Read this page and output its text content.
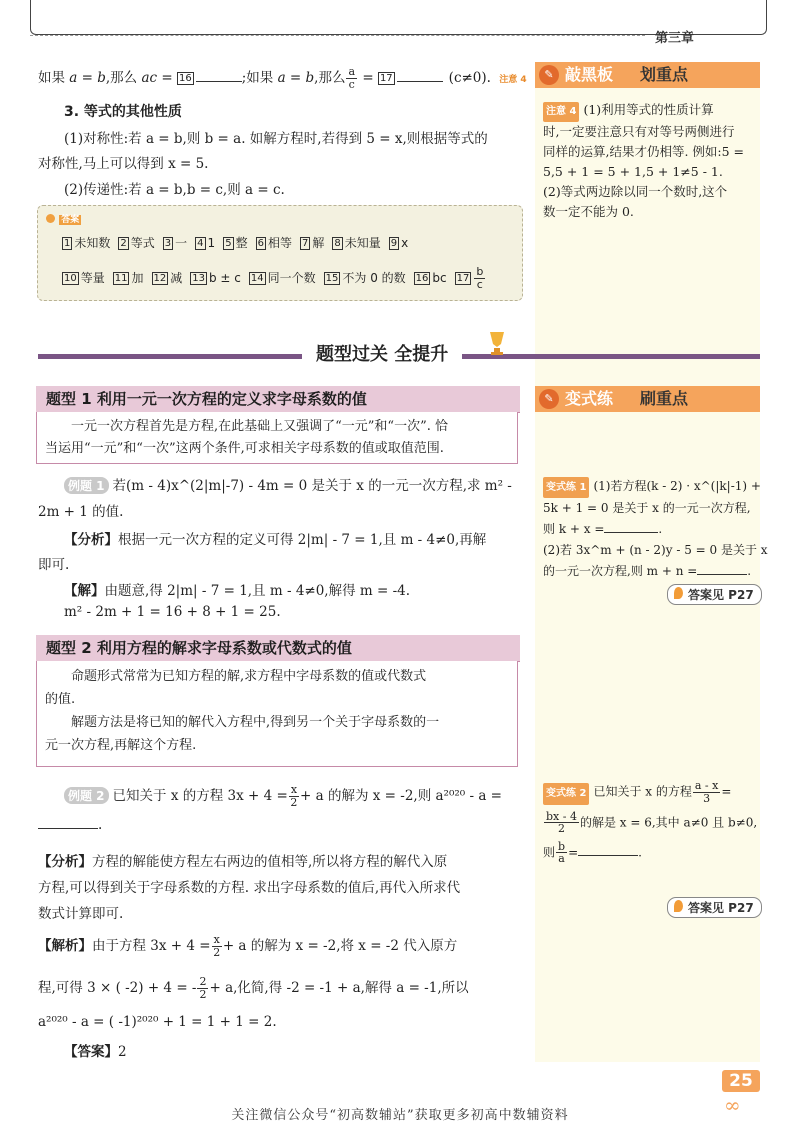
第三章
如果 a = b,那么 ac = 16	;如果 a = b,那么 $\frac{a}{c} = 17$	(c≠0). 注意 4
3. 等式的其他性质
(1)对称性:若 a = b,则 b = a. 如解方程时,若得到 5 = x,则根据等式的
对称性,马上可以得到 x = 5.
(2)传递性:若 a = b,b = c,则 a = c.
答案
1 未知数 2 等式 3 一 4 1 5 整 6 相等 7 解 8 未知量 9 x
10 等量 11 加 12 减 13 b ± c 14 同一个数 15 不为 0 的数 16 bc $17 \frac{b}{c}$
✎ 敲黑板 划重点
注意 4 (1)利用等式的性质计算
时,一定要注意只有对等号两侧进行
同样的运算,结果才仍相等. 例如:5 =
5,5 + 1 = 5 + 1,5 + 1≠5 - 1.
(2)等式两边除以同一个数时,这个
数一定不能为 0.
题型过关 全提升
题型 1 利用一元一次方程的定义求字母系数的值
一元一次方程首先是方程,在此基础上又强调了“一元”和“一次”. 恰
当运用“一元”和“一次”这两个条件,可求相关字母系数的值或取值范围.
例题 1 若(m - 4)x^(2|m|-7) - 4m = 0 是关于 x 的一元一次方程,求 m² -
2m + 1 的值.
【分析】根据一元一次方程的定义可得 2|m| - 7 = 1,且 m - 4≠0,再解
即可.
【解】由题意,得 2|m| - 7 = 1,且 m - 4≠0,解得 m = -4.
m² - 2m + 1 = 16 + 8 + 1 = 25.
题型 2 利用方程的解求字母系数或代数式的值
命题形式常常为已知方程的解,求方程中字母系数的值或代数式
的值.
解题方法是将已知的解代入方程中,得到另一个关于字母系数的一
元一次方程,再解这个方程.
例题 2 已知关于 x 的方程 $3x + 4 = \frac{x}{2} + a$ 的解为 x = -2,则 a²⁰²⁰ - a =
.
【分析】方程的解能使方程左右两边的值相等,所以将方程的解代入原
方程,可以得到关于字母系数的方程. 求出字母系数的值后,再代入所求代
数式计算即可.
【解析】由于方程 $3x + 4 = \frac{x}{2} + a$ 的解为 x = -2,将 x = -2 代入原方
程,可得 3 × ( -2) + 4 = - $\frac{2}{2} + a$,化简,得 -2 = -1 + a,解得 a = -1,所以
a²⁰²⁰ - a = ( -1)²⁰²⁰ + 1 = 1 + 1 = 2.
【答案】2
✎ 变式练 刷重点
变式练 1 (1)若方程(k - 2) · x^(|k|-1) +
5k + 1 = 0 是关于 x 的一元一次方程,
则 k + x =	.
(2)若 3x^m + (n - 2)y - 5 = 0 是关于 x
的一元一次方程,则 m + n =	.
答案见 P27
变式练 2 已知关于 x 的方程 $\frac{a - x}{3}$ =
$\frac{bx - 4}{2}$ 的解是 x = 6,其中 a≠0 且 b≠0,
则 $\frac{b}{a}$ =	.
答案见 P27
25
∞
关注微信公众号“初高数辅站”获取更多初高中数辅资料
